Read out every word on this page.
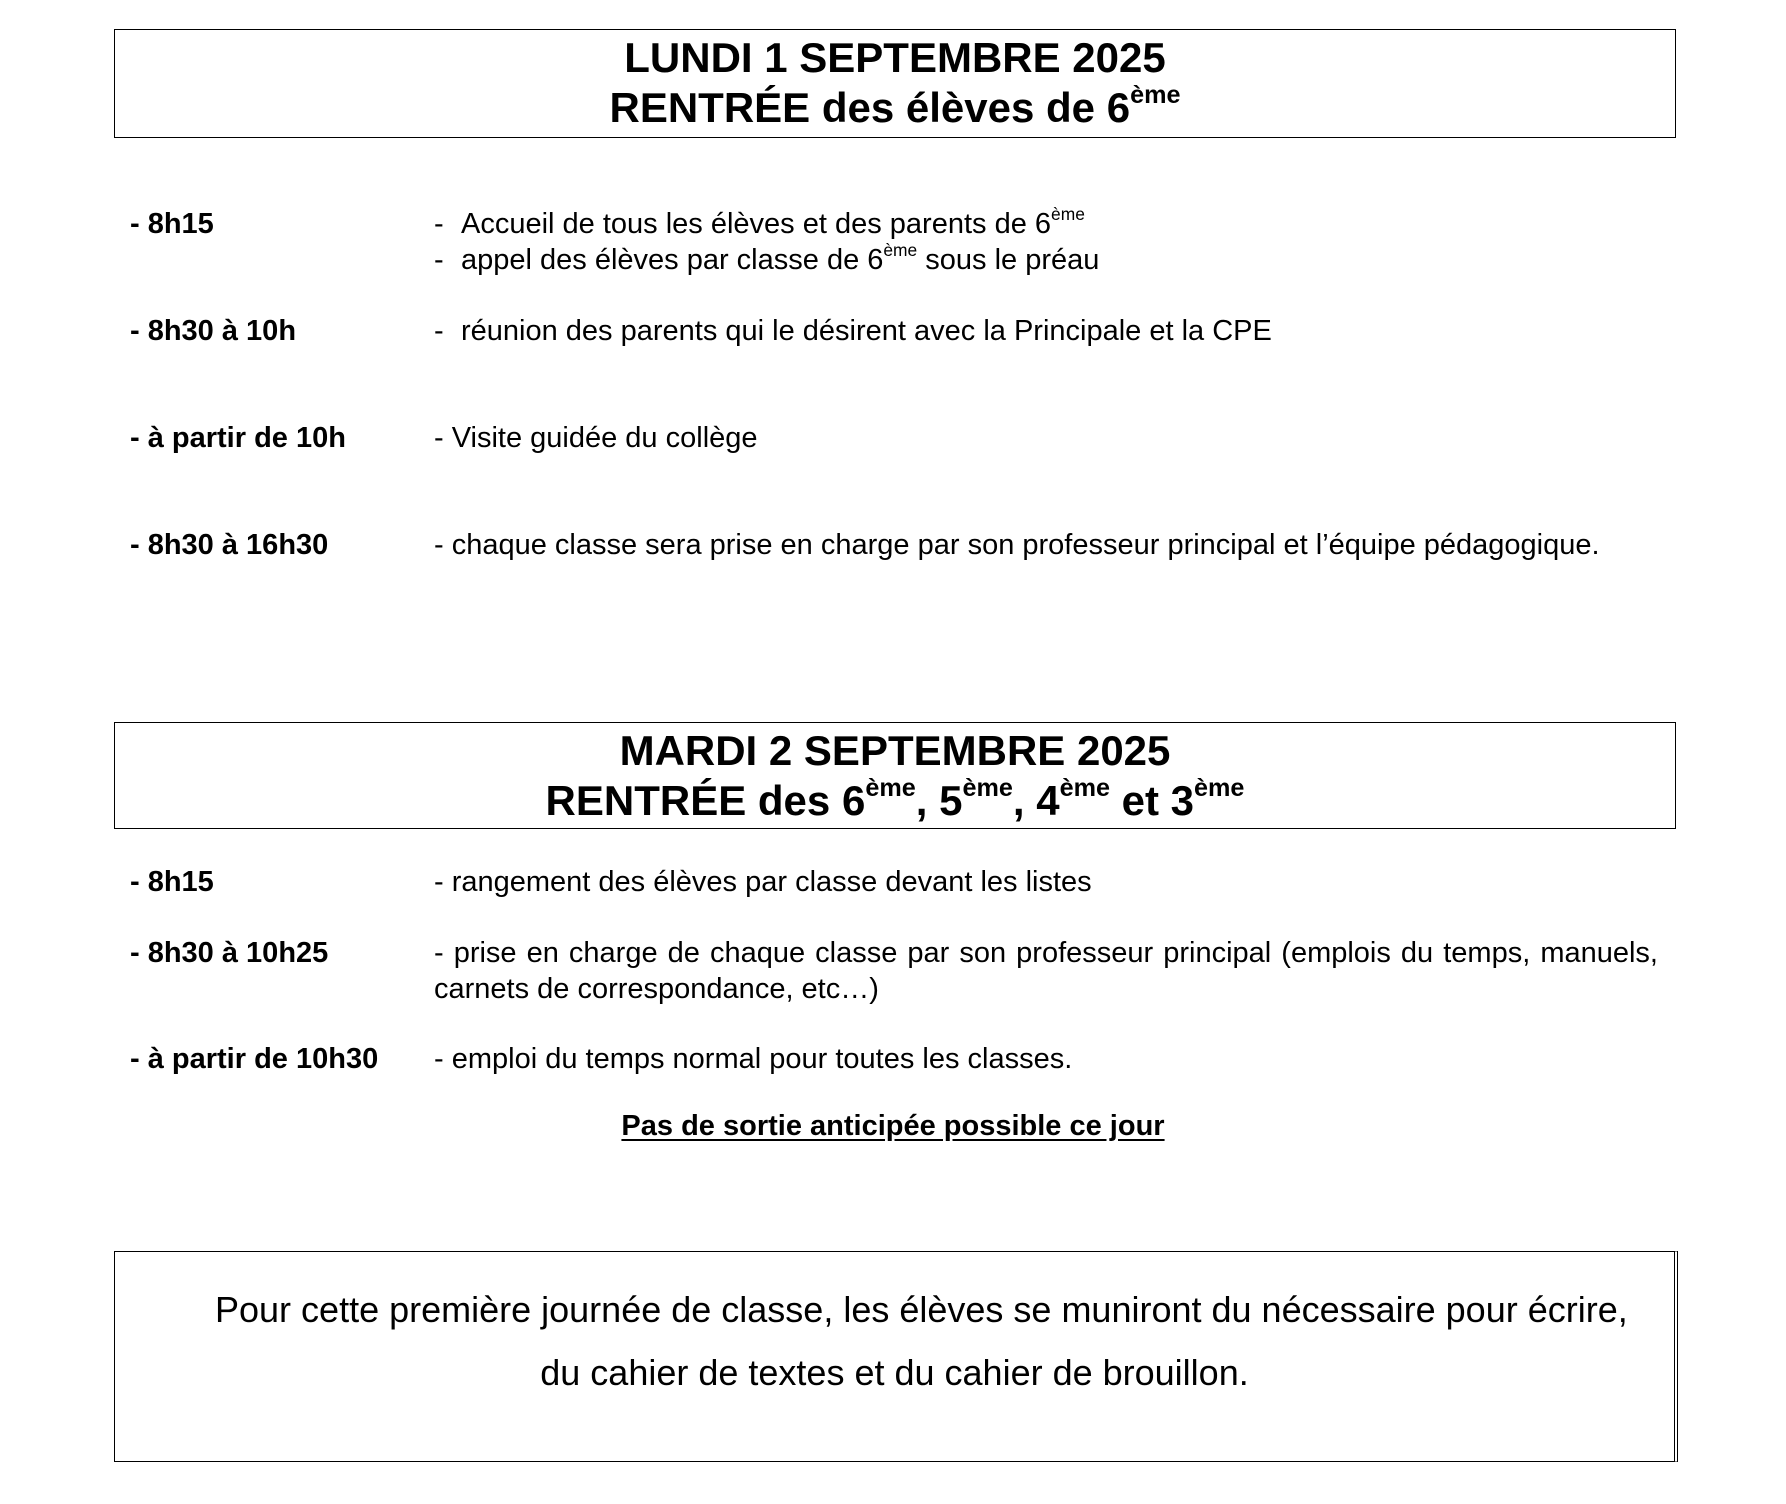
LUNDI 1 SEPTEMBRE 2025
RENTRÉE des élèves de 6ème
- 8h15	- Accueil de tous les élèves et des parents de 6ème
- appel des élèves par classe de 6ème sous le préau
- 8h30 à 10h	- réunion des parents qui le désirent avec la Principale et la CPE
- à partir de 10h	- Visite guidée du collège
- 8h30 à 16h30	- chaque classe sera prise en charge par son professeur principal et l’équipe pédagogique.
MARDI 2 SEPTEMBRE 2025
RENTRÉE des 6ème, 5ème, 4ème et 3ème
- 8h15	- rangement des élèves par classe devant les listes
- 8h30 à 10h25	- prise en charge de chaque classe par son professeur principal (emplois du temps, manuels, carnets de correspondance, etc…)
- à partir de 10h30 - emploi du temps normal pour toutes les classes.
Pas de sortie anticipée possible ce jour
Pour cette première journée de classe, les élèves se muniront du nécessaire pour écrire,
du cahier de textes et du cahier de brouillon.
